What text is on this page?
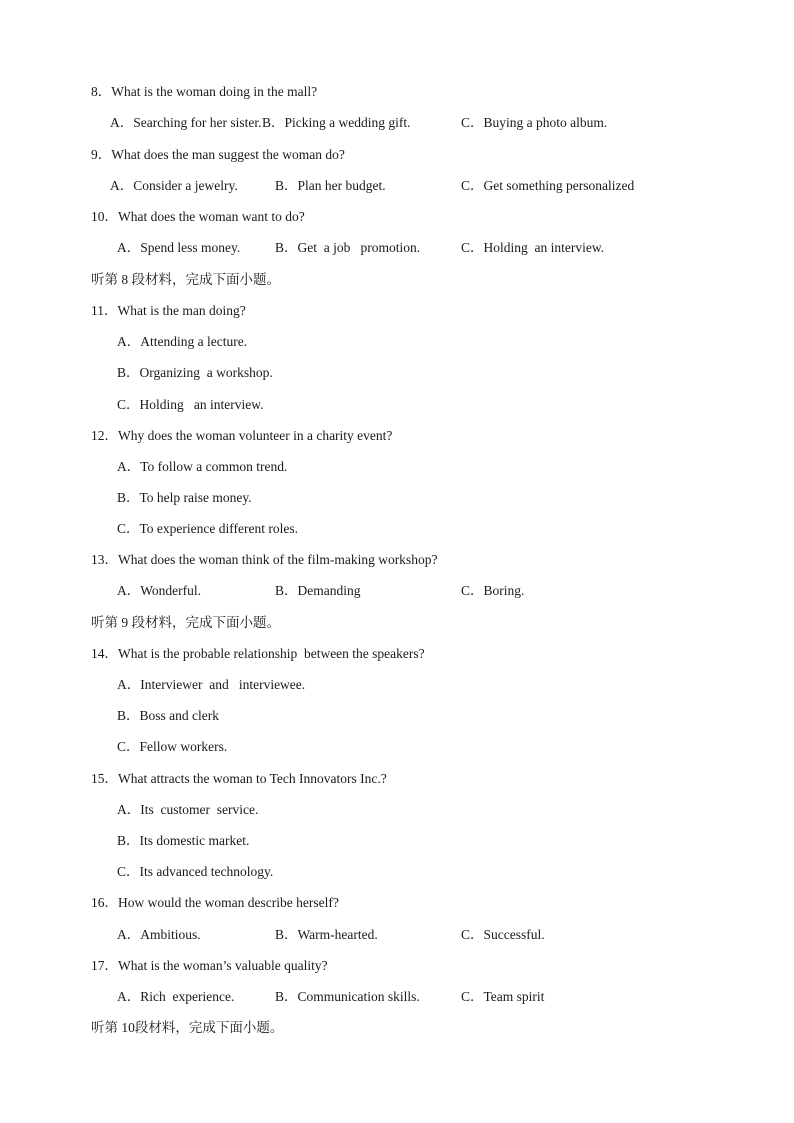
8．What is the woman doing in the mall?
A．Searching for her sister. B．Picking a wedding gift.	C．Buying a photo album.
9．What does the man suggest the woman do?
A．Consider a jewelry.	B．Plan her budget.	C．Get something personalized
10．What does the woman want to do?
A．Spend less money.	B．Get  a job   promotion.	C．Holding  an interview.
听第 8 段材料，完成下面小题。
11．What is the man doing?
A．Attending a lecture.
B．Organizing  a workshop.
C．Holding   an interview.
12．Why does the woman volunteer in a charity event?
A．To follow a common trend.
B．To help raise money.
C．To experience different roles.
13．What does the woman think of the film-making workshop?
A．Wonderful.	B．Demanding	C．Boring.
听第 9 段材料，完成下面小题。
14．What is the probable relationship  between the speakers?
A．Interviewer  and   interviewee.
B．Boss and clerk
C．Fellow workers.
15．What attracts the woman to Tech Innovators Inc.?
A．Its  customer  service.
B．Its domestic market.
C．Its advanced technology.
16．How would the woman describe herself?
A．Ambitious.	B．Warm-hearted.	C．Successful.
17．What is the woman’s valuable quality?
A．Rich  experience.	B．Communication skills.	C．Team spirit
听第 10段材料，完成下面小题。
